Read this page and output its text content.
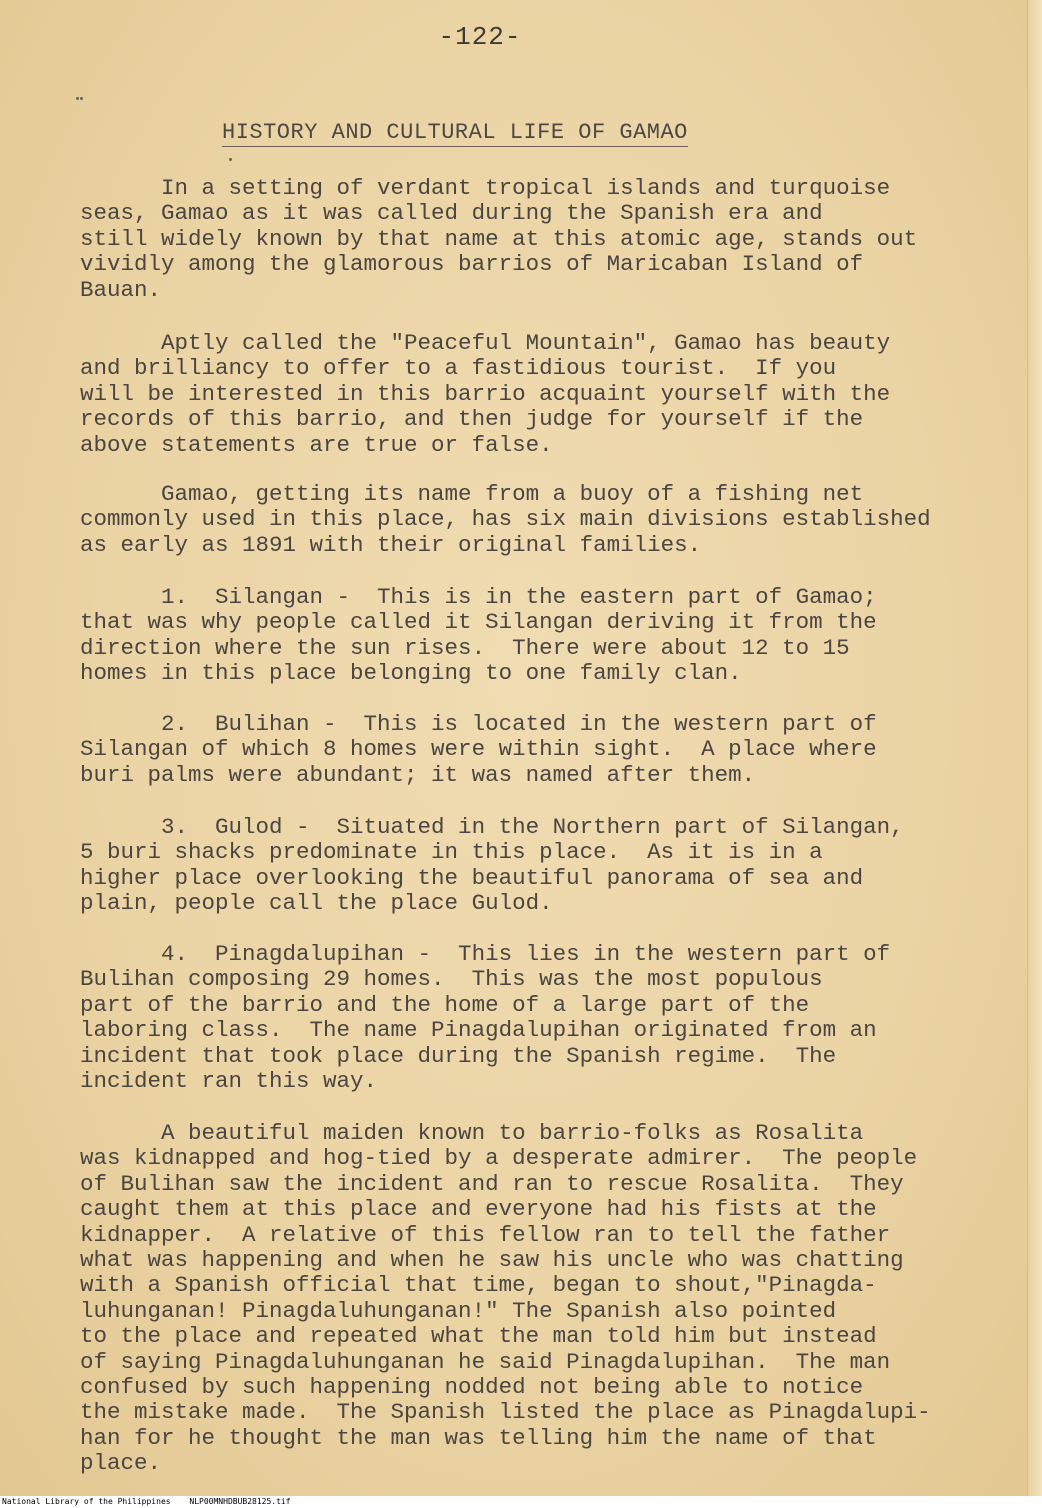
-122-
HISTORY AND CULTURAL LIFE OF GAMAO

In a setting of verdant tropical islands and turquoise
seas, Gamao as it was called during the Spanish era and
still widely known by that name at this atomic age, stands out
vividly among the glamorous barrios of Maricaban Island of
Bauan.

Aptly called the "Peaceful Mountain", Gamao has beauty
and brilliancy to offer to a fastidious tourist.  If you
will be interested in this barrio acquaint yourself with the
records of this barrio, and then judge for yourself if the
above statements are true or false.

Gamao, getting its name from a buoy of a fishing net
commonly used in this place, has six main divisions established
as early as 1891 with their original families.

1.  Silangan -  This is in the eastern part of Gamao;
that was why people called it Silangan deriving it from the
direction where the sun rises.  There were about 12 to 15
homes in this place belonging to one family clan.

2.  Bulihan -  This is located in the western part of
Silangan of which 8 homes were within sight.  A place where
buri palms were abundant; it was named after them.

3.  Gulod -  Situated in the Northern part of Silangan,
5 buri shacks predominate in this place.  As it is in a
higher place overlooking the beautiful panorama of sea and
plain, people call the place Gulod.

4.  Pinagdalupihan -  This lies in the western part of
Bulihan composing 29 homes.  This was the most populous
part of the barrio and the home of a large part of the
laboring class.  The name Pinagdalupihan originated from an
incident that took place during the Spanish regime.  The
incident ran this way.

A beautiful maiden known to barrio-folks as Rosalita
was kidnapped and hog-tied by a desperate admirer.  The people
of Bulihan saw the incident and ran to rescue Rosalita.  They
caught them at this place and everyone had his fists at the
kidnapper.  A relative of this fellow ran to tell the father
what was happening and when he saw his uncle who was chatting
with a Spanish official that time, began to shout,"Pinagda-
luhunganan! Pinagdaluhunganan!" The Spanish also pointed
to the place and repeated what the man told him but instead
of saying Pinagdaluhunganan he said Pinagdalupihan.  The man
confused by such happening nodded not being able to notice
the mistake made.  The Spanish listed the place as Pinagdalupi-
han for he thought the man was telling him the name of that
place.

National Library of the Philippines NLP00MNHDBUB28125.tif
